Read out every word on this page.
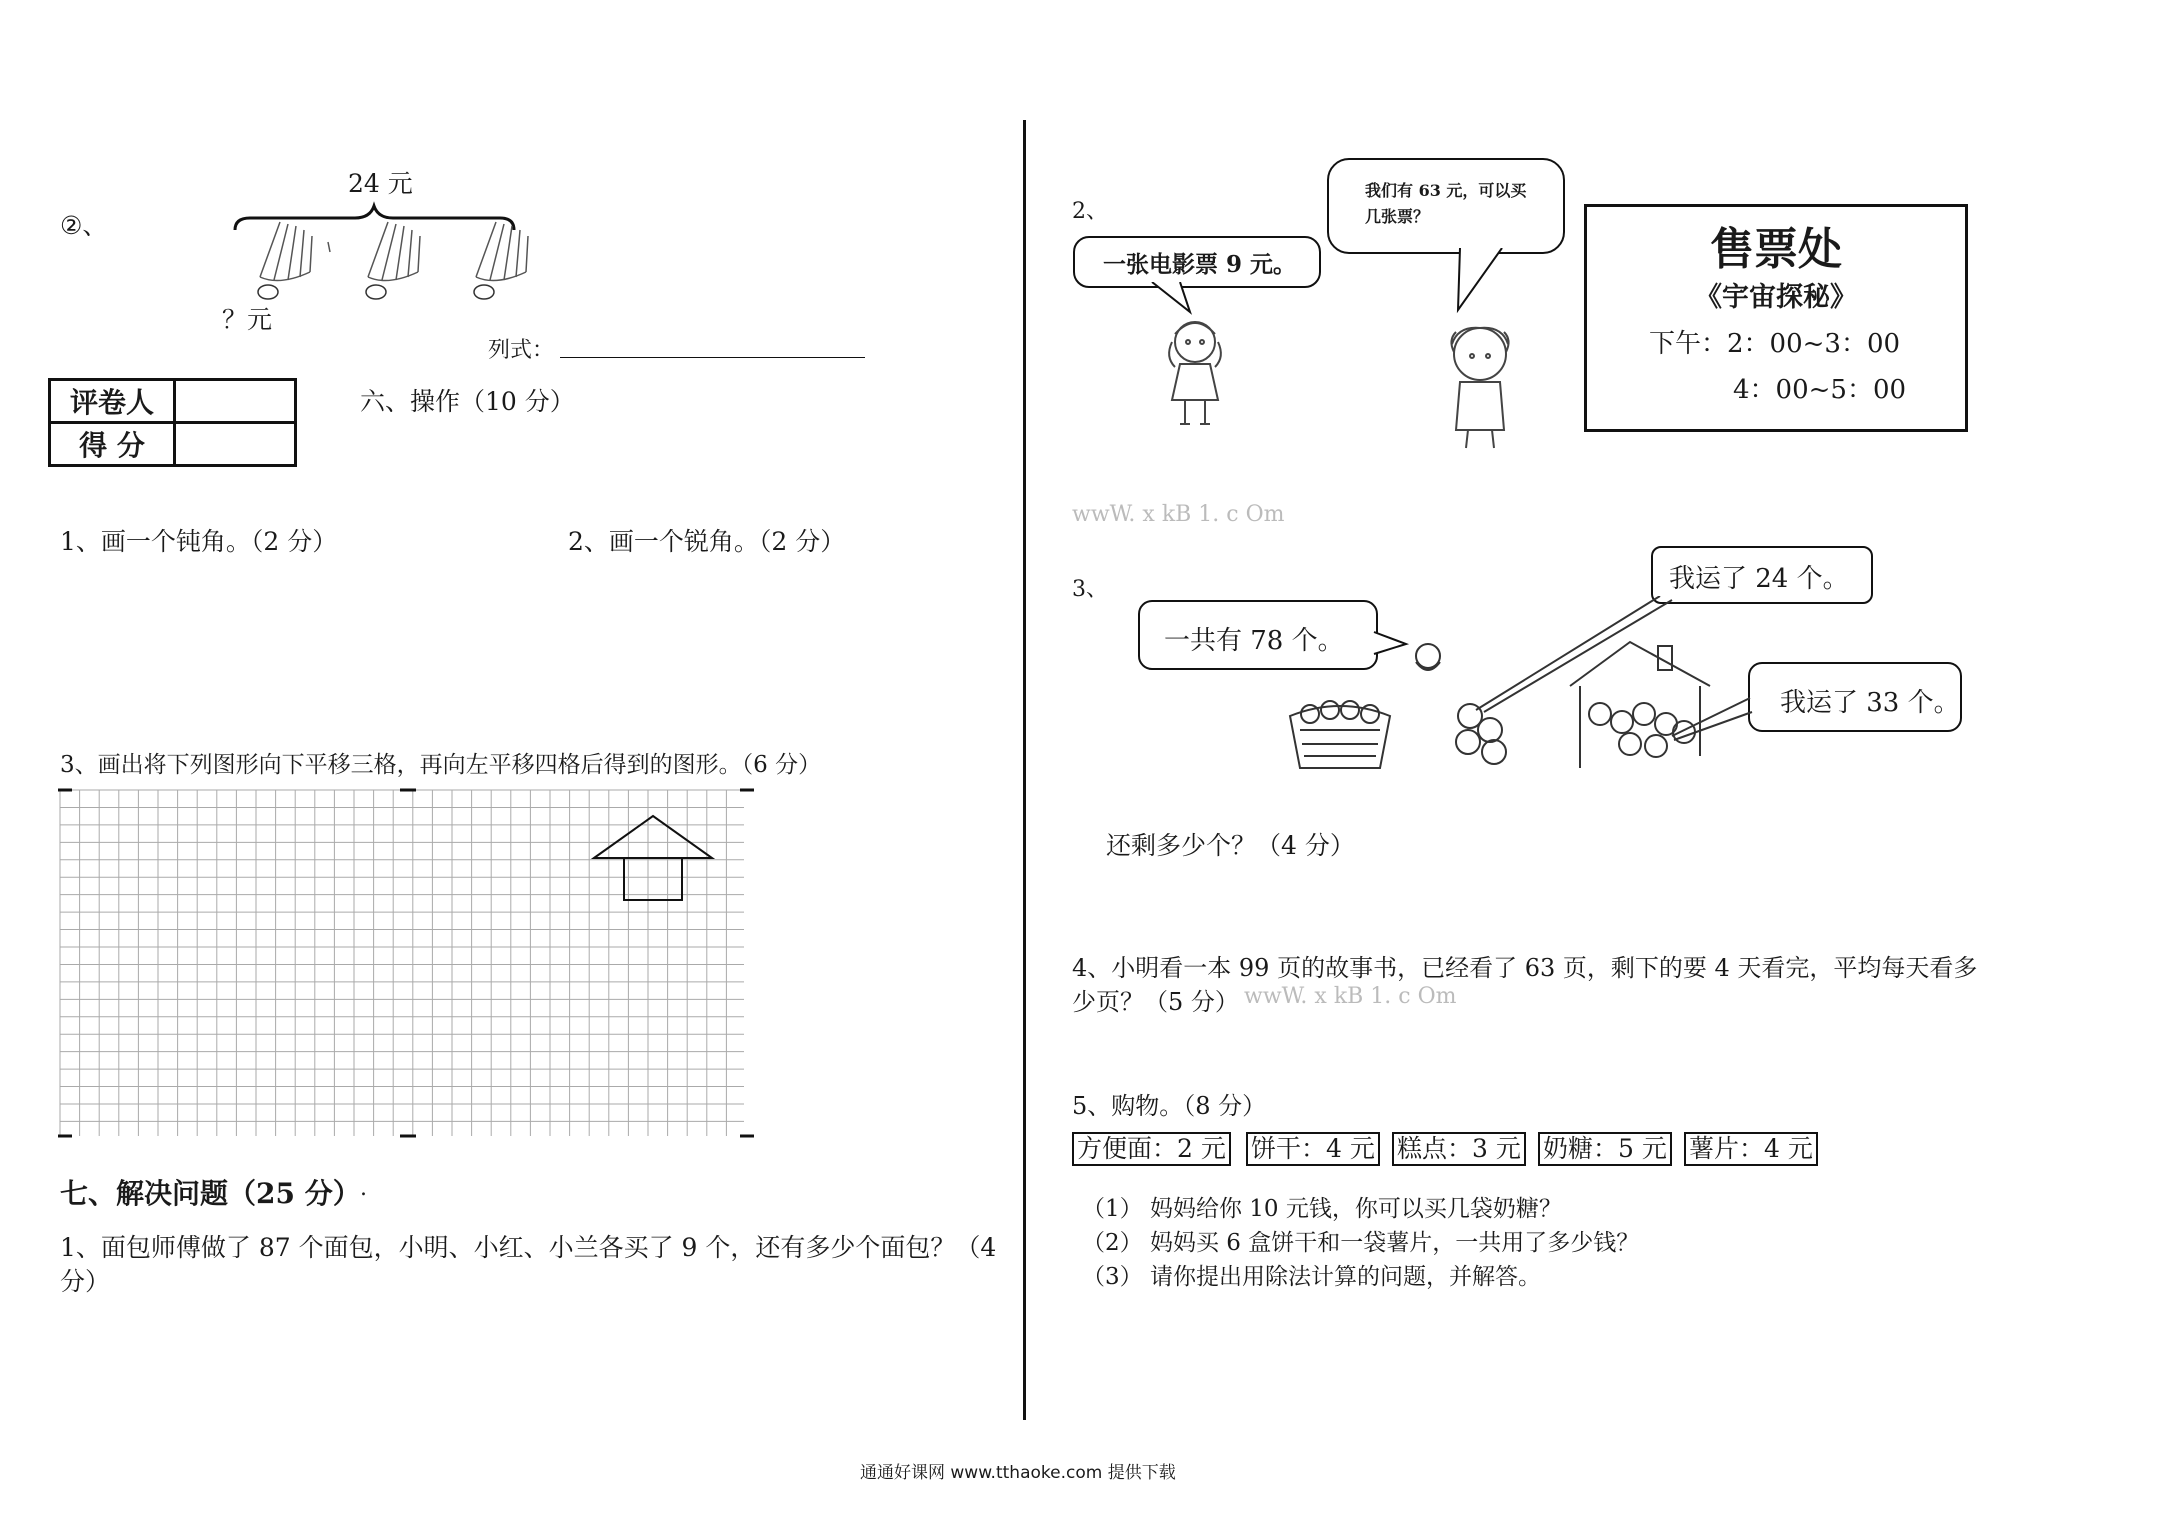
②、
24 元
？元
列式：
评卷人	
得 分	
六、操作（10 分）
1、画一个钝角。（2 分）	2、画一个锐角。（2 分）
3、画出将下列图形向下平移三格，再向左平移四格后得到的图形。（6 分）
七、解决问题（25 分） .
1、面包师傅做了 87 个面包，小明、小红、小兰各买了 9 个，还有多少个面包？（4
分）
2、
一张电影票 9 元。
我们有 63 元，可以买
几张票？
售票处
《宇宙探秘》
下午：2：00~3：00
4：00~5：00
wwW. x kB 1. c Om
3、
一共有 78 个。
我运了 24 个。
我运了 33 个。
还剩多少个？（4 分）
4、小明看一本 99 页的故事书，已经看了 63 页，剩下的要 4 天看完，平均每天看多
少页？（5 分） wwW. x kB 1. c Om
5、购物。（8 分）
方便面：2 元 饼干：4 元 糕点：3 元 奶糖：5 元 薯片：4 元
（1） 妈妈给你 10 元钱，你可以买几袋奶糖？
（2） 妈妈买 6 盒饼干和一袋薯片，一共用了多少钱？
（3） 请你提出用除法计算的问题，并解答。
通通好课网 www.tthaoke.com 提供下载
